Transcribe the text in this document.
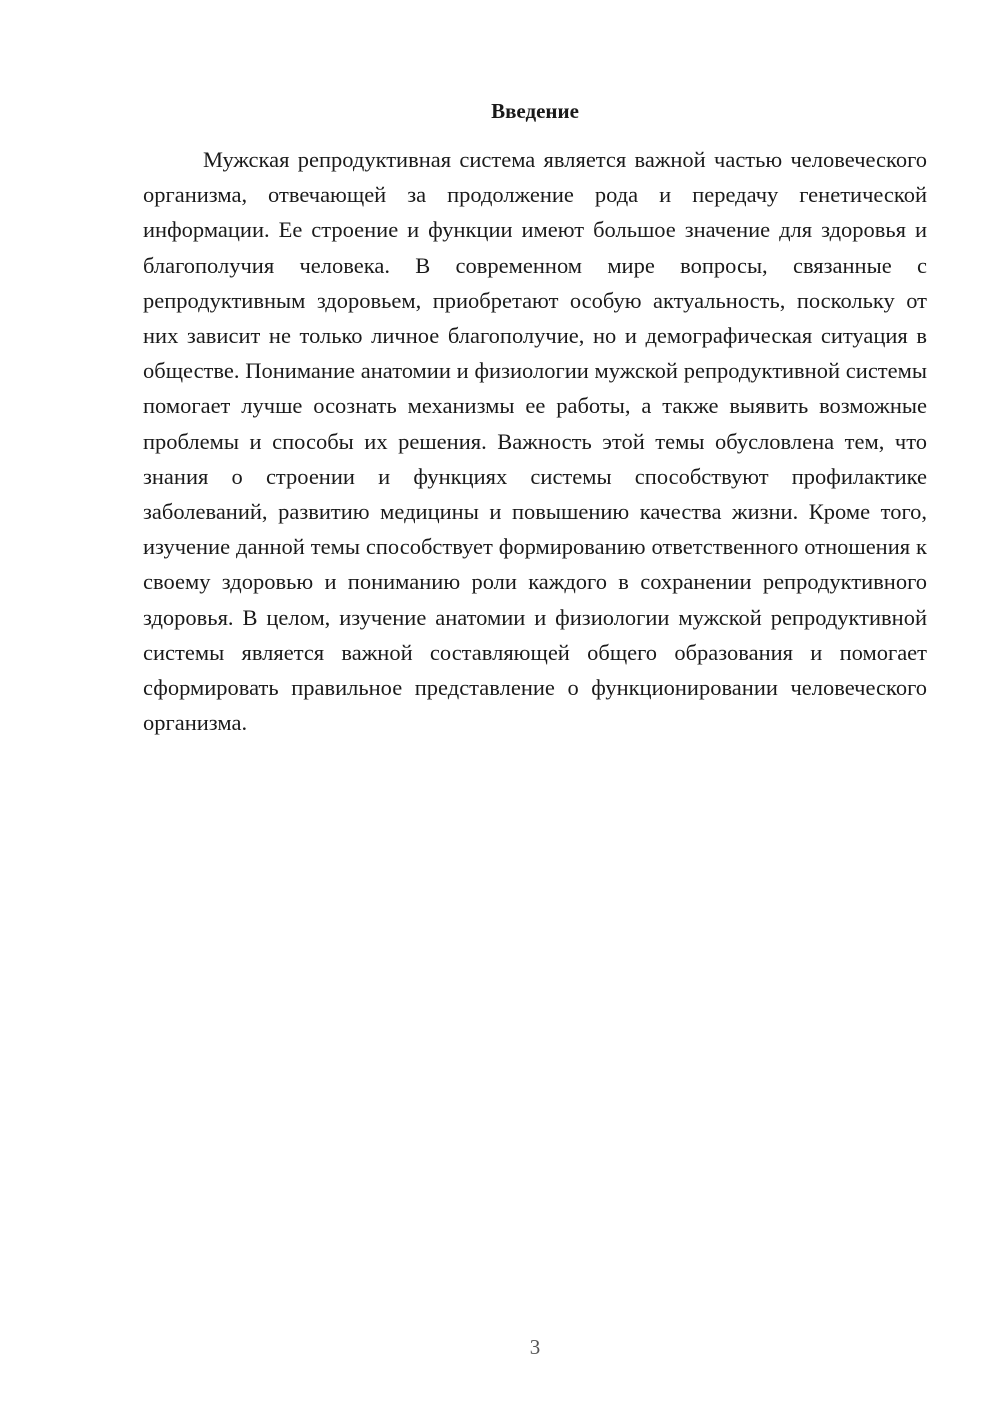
Введение

Мужская репродуктивная система является важной частью человеческого организма, отвечающей за продолжение рода и передачу генетической информации. Ее строение и функции имеют большое значение для здоровья и благополучия человека. В современном мире вопросы, связанные с репродуктивным здоровьем, приобретают особую актуальность, поскольку от них зависит не только личное благополучие, но и демографическая ситуация в обществе. Понимание анатомии и физиологии мужской репродуктивной системы помогает лучше осознать механизмы ее работы, а также выявить возможные проблемы и способы их решения. Важность этой темы обусловлена тем, что знания о строении и функциях системы способствуют профилактике заболеваний, развитию медицины и повышению качества жизни. Кроме того, изучение данной темы способствует формированию ответственного отношения к своему здоровью и пониманию роли каждого в сохранении репродуктивного здоровья. В целом, изучение анатомии и физиологии мужской репродуктивной системы является важной составляющей общего образования и помогает сформировать правильное представление о функционировании человеческого организма.

3
